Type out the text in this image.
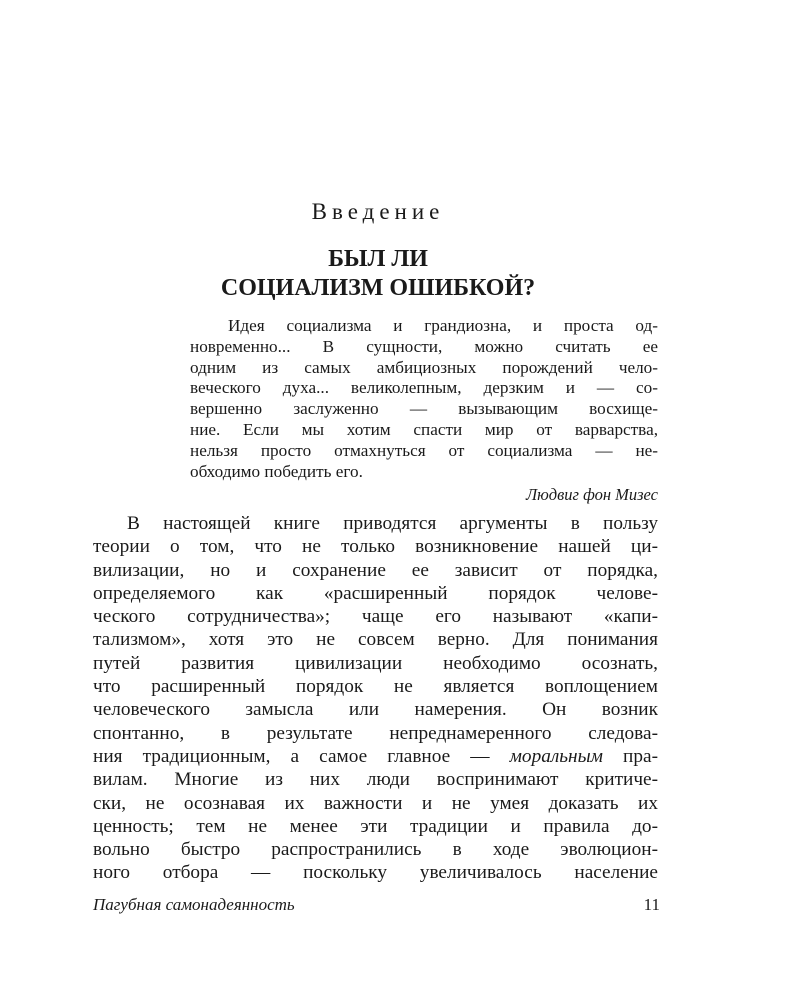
Введение
БЫЛ ЛИ
СОЦИАЛИЗМ ОШИБКОЙ?
Идея социализма и грандиозна, и проста од-
новременно... В сущности, можно считать ее
одним из самых амбициозных порождений чело-
веческого духа... великолепным, дерзким и — со-
вершенно заслуженно — вызывающим восхище-
ние. Если мы хотим спасти мир от варварства,
нельзя просто отмахнуться от социализма — не-
обходимо победить его.
Людвиг фон Мизес
В настоящей книге приводятся аргументы в пользу
теории о том, что не только возникновение нашей ци-
вилизации, но и сохранение ее зависит от порядка,
определяемого как «расширенный порядок челове-
ческого сотрудничества»; чаще его называют «капи-
тализмом», хотя это не совсем верно. Для понимания
путей развития цивилизации необходимо осознать,
что расширенный порядок не является воплощением
человеческого замысла или намерения. Он возник
спонтанно, в результате непреднамеренного следова-
ния традиционным, а самое главное — моральным пра-
вилам. Многие из них люди воспринимают критиче-
ски, не осознавая их важности и не умея доказать их
ценность; тем не менее эти традиции и правила до-
вольно быстро распространились в ходе эволюцион-
ного отбора — поскольку увеличивалось население
Пагубная самонадеянность	11
